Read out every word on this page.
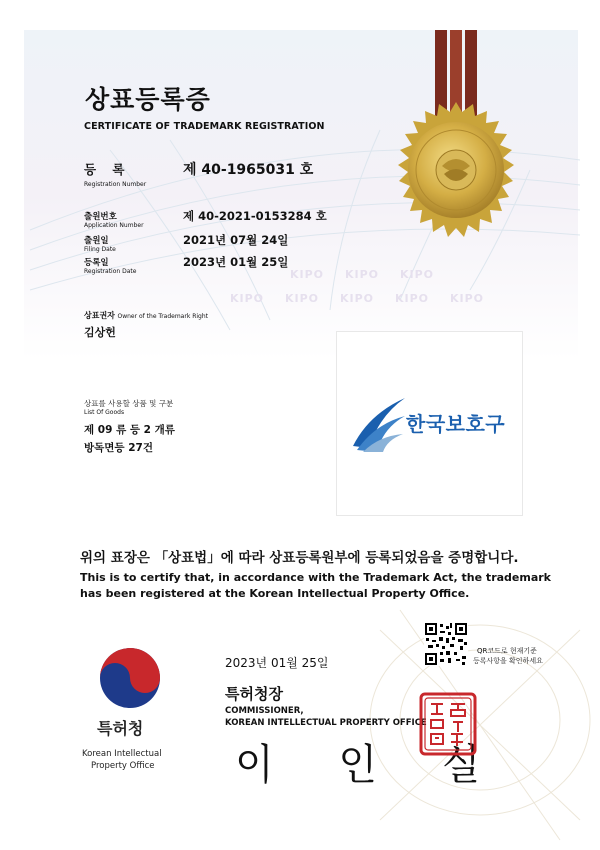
KIPO KIPO KIPO
KIPO KIPO KIPO KIPO KIPO
상표등록증
CERTIFICATE OF TRADEMARK REGISTRATION
등 록
Registration Number
제 40-1965031 호
출원번호
Application Number
제 40-2021-0153284 호
출원일
Filing Date
2021년 07월 24일
등록일
Registration Date
2023년 01월 25일
상표권자 Owner of the Trademark Right
김상헌
상표를 사용할 상품 및 구분
List Of Goods
제 09 류 등 2 개류
방독면등 27건
한국보호구
위의 표장은 「상표법」에 따라 상표등록원부에 등록되었음을 증명합니다.
This is to certify that, in accordance with the Trademark Act, the trademark
has been registered at the Korean Intellectual Property Office.
특허청
Korean Intellectual
Property Office
2023년 01월 25일
특허청장
COMMISSIONER,
KOREAN INTELLECTUAL PROPERTY OFFICE
이 인 실
QR코드로 현재기준
등록사항을 확인하세요
